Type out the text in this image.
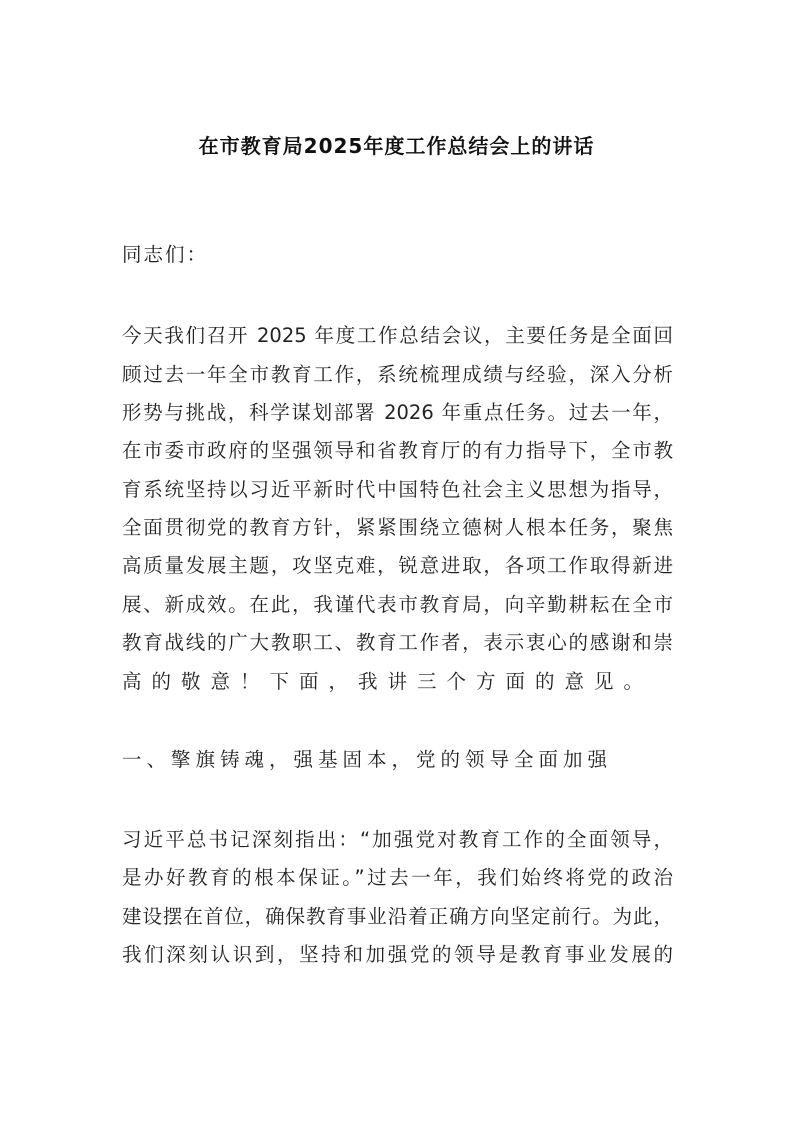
在市教育局2025年度工作总结会上的讲话
同志们：
今天我们召开 2025 年度工作总结会议，主要任务是全面回
顾过去一年全市教育工作，系统梳理成绩与经验，深入分析
形势与挑战，科学谋划部署 2026 年重点任务。过去一年，
在市委市政府的坚强领导和省教育厅的有力指导下，全市教
育系统坚持以习近平新时代中国特色社会主义思想为指导，
全面贯彻党的教育方针，紧紧围绕立德树人根本任务，聚焦
高质量发展主题，攻坚克难，锐意进取，各项工作取得新进
展、新成效。在此，我谨代表市教育局，向辛勤耕耘在全市
教育战线的广大教职工、教育工作者，表示衷心的感谢和崇
高的敬意！下面，我讲三个方面的意见。
一、擎旗铸魂，强基固本，党的领导全面加强
习近平总书记深刻指出：“加强党对教育工作的全面领导，
是办好教育的根本保证。”过去一年，我们始终将党的政治
建设摆在首位，确保教育事业沿着正确方向坚定前行。为此，
我们深刻认识到，坚持和加强党的领导是教育事业发展的
